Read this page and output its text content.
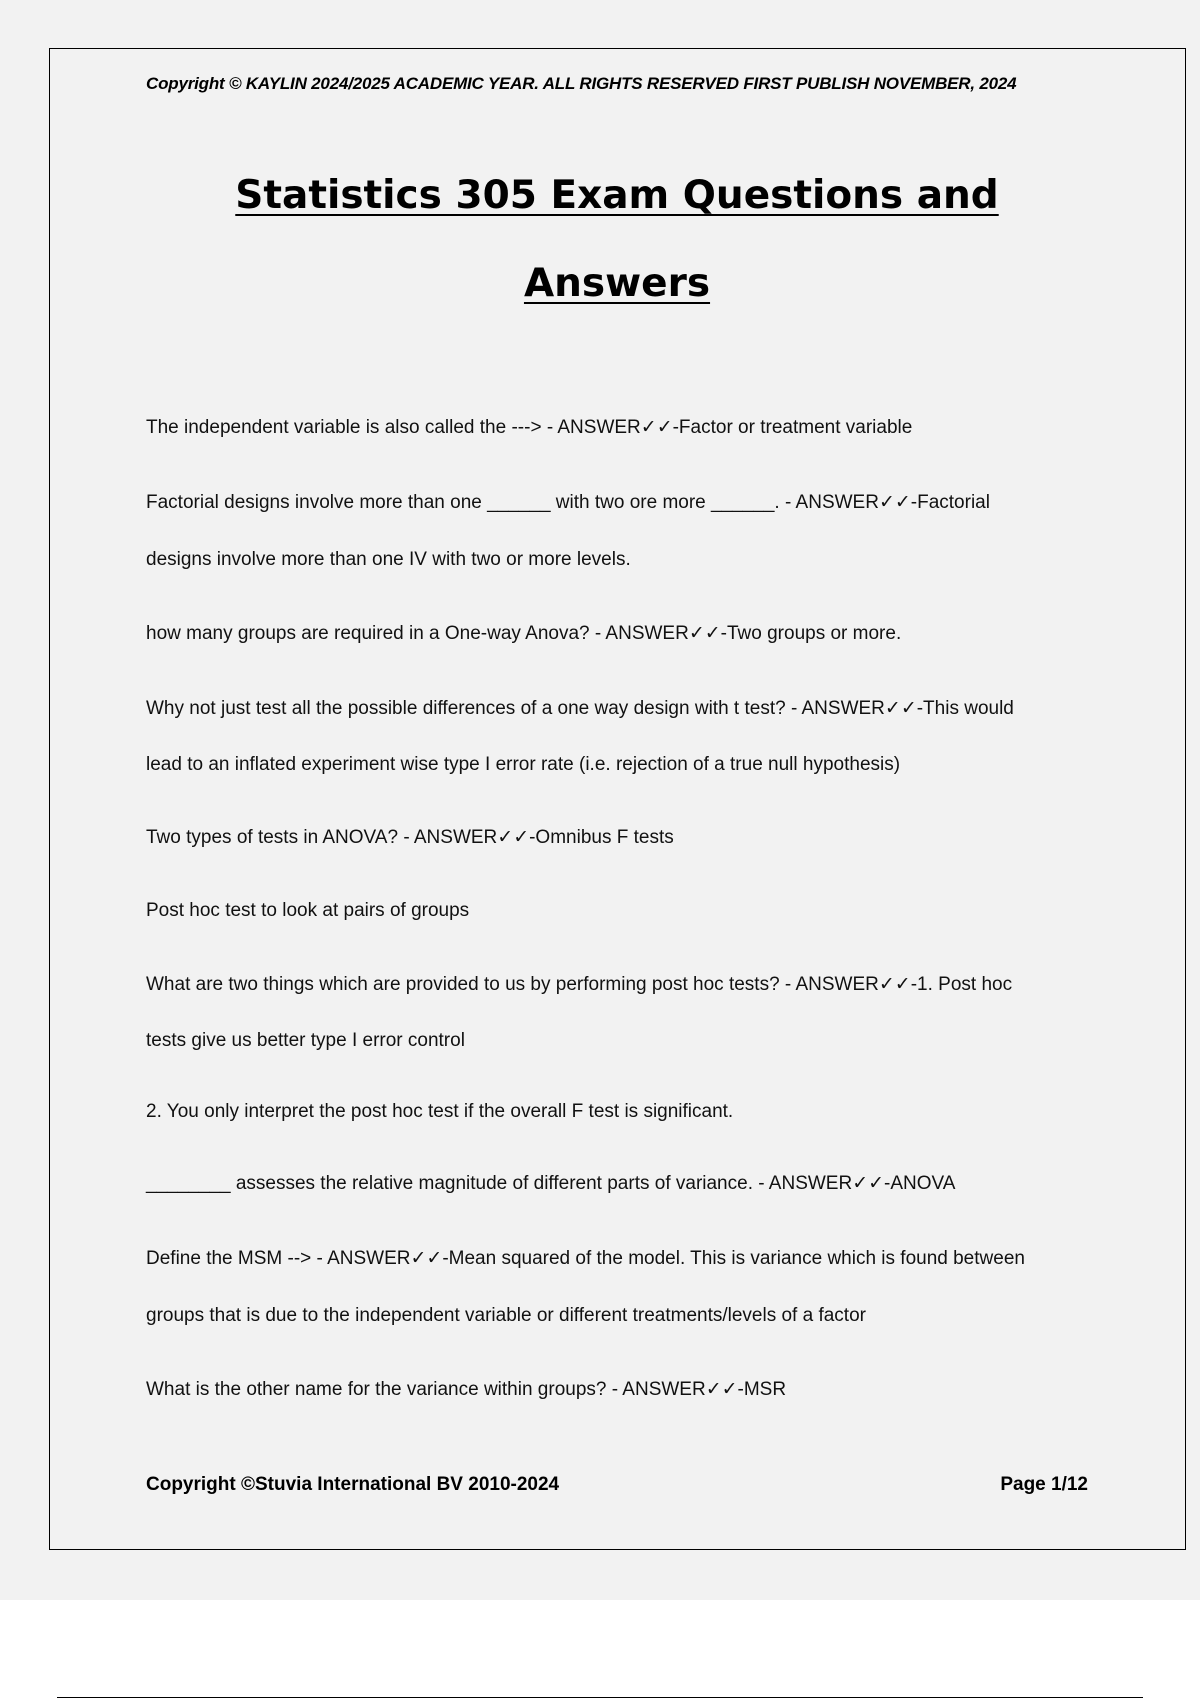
Copyright © KAYLIN 2024/2025 ACADEMIC YEAR. ALL RIGHTS RESERVED FIRST PUBLISH NOVEMBER, 2024
Statistics 305 Exam Questions and
Answers
The independent variable is also called the ---> - ANSWER✓✓-Factor or treatment variable
Factorial designs involve more than one ______ with two ore more ______. - ANSWER✓✓-Factorial
designs involve more than one IV with two or more levels.
how many groups are required in a One-way Anova? - ANSWER✓✓-Two groups or more.
Why not just test all the possible differences of a one way design with t test? - ANSWER✓✓-This would
lead to an inflated experiment wise type I error rate (i.e. rejection of a true null hypothesis)
Two types of tests in ANOVA? - ANSWER✓✓-Omnibus F tests
Post hoc test to look at pairs of groups
What are two things which are provided to us by performing post hoc tests? - ANSWER✓✓-1. Post hoc
tests give us better type I error control
2. You only interpret the post hoc test if the overall F test is significant.
________ assesses the relative magnitude of different parts of variance. - ANSWER✓✓-ANOVA
Define the MSM --> - ANSWER✓✓-Mean squared of the model. This is variance which is found between
groups that is due to the independent variable or different treatments/levels of a factor
What is the other name for the variance within groups? - ANSWER✓✓-MSR
Copyright ©Stuvia International BV 2010-2024	Page 1/12
